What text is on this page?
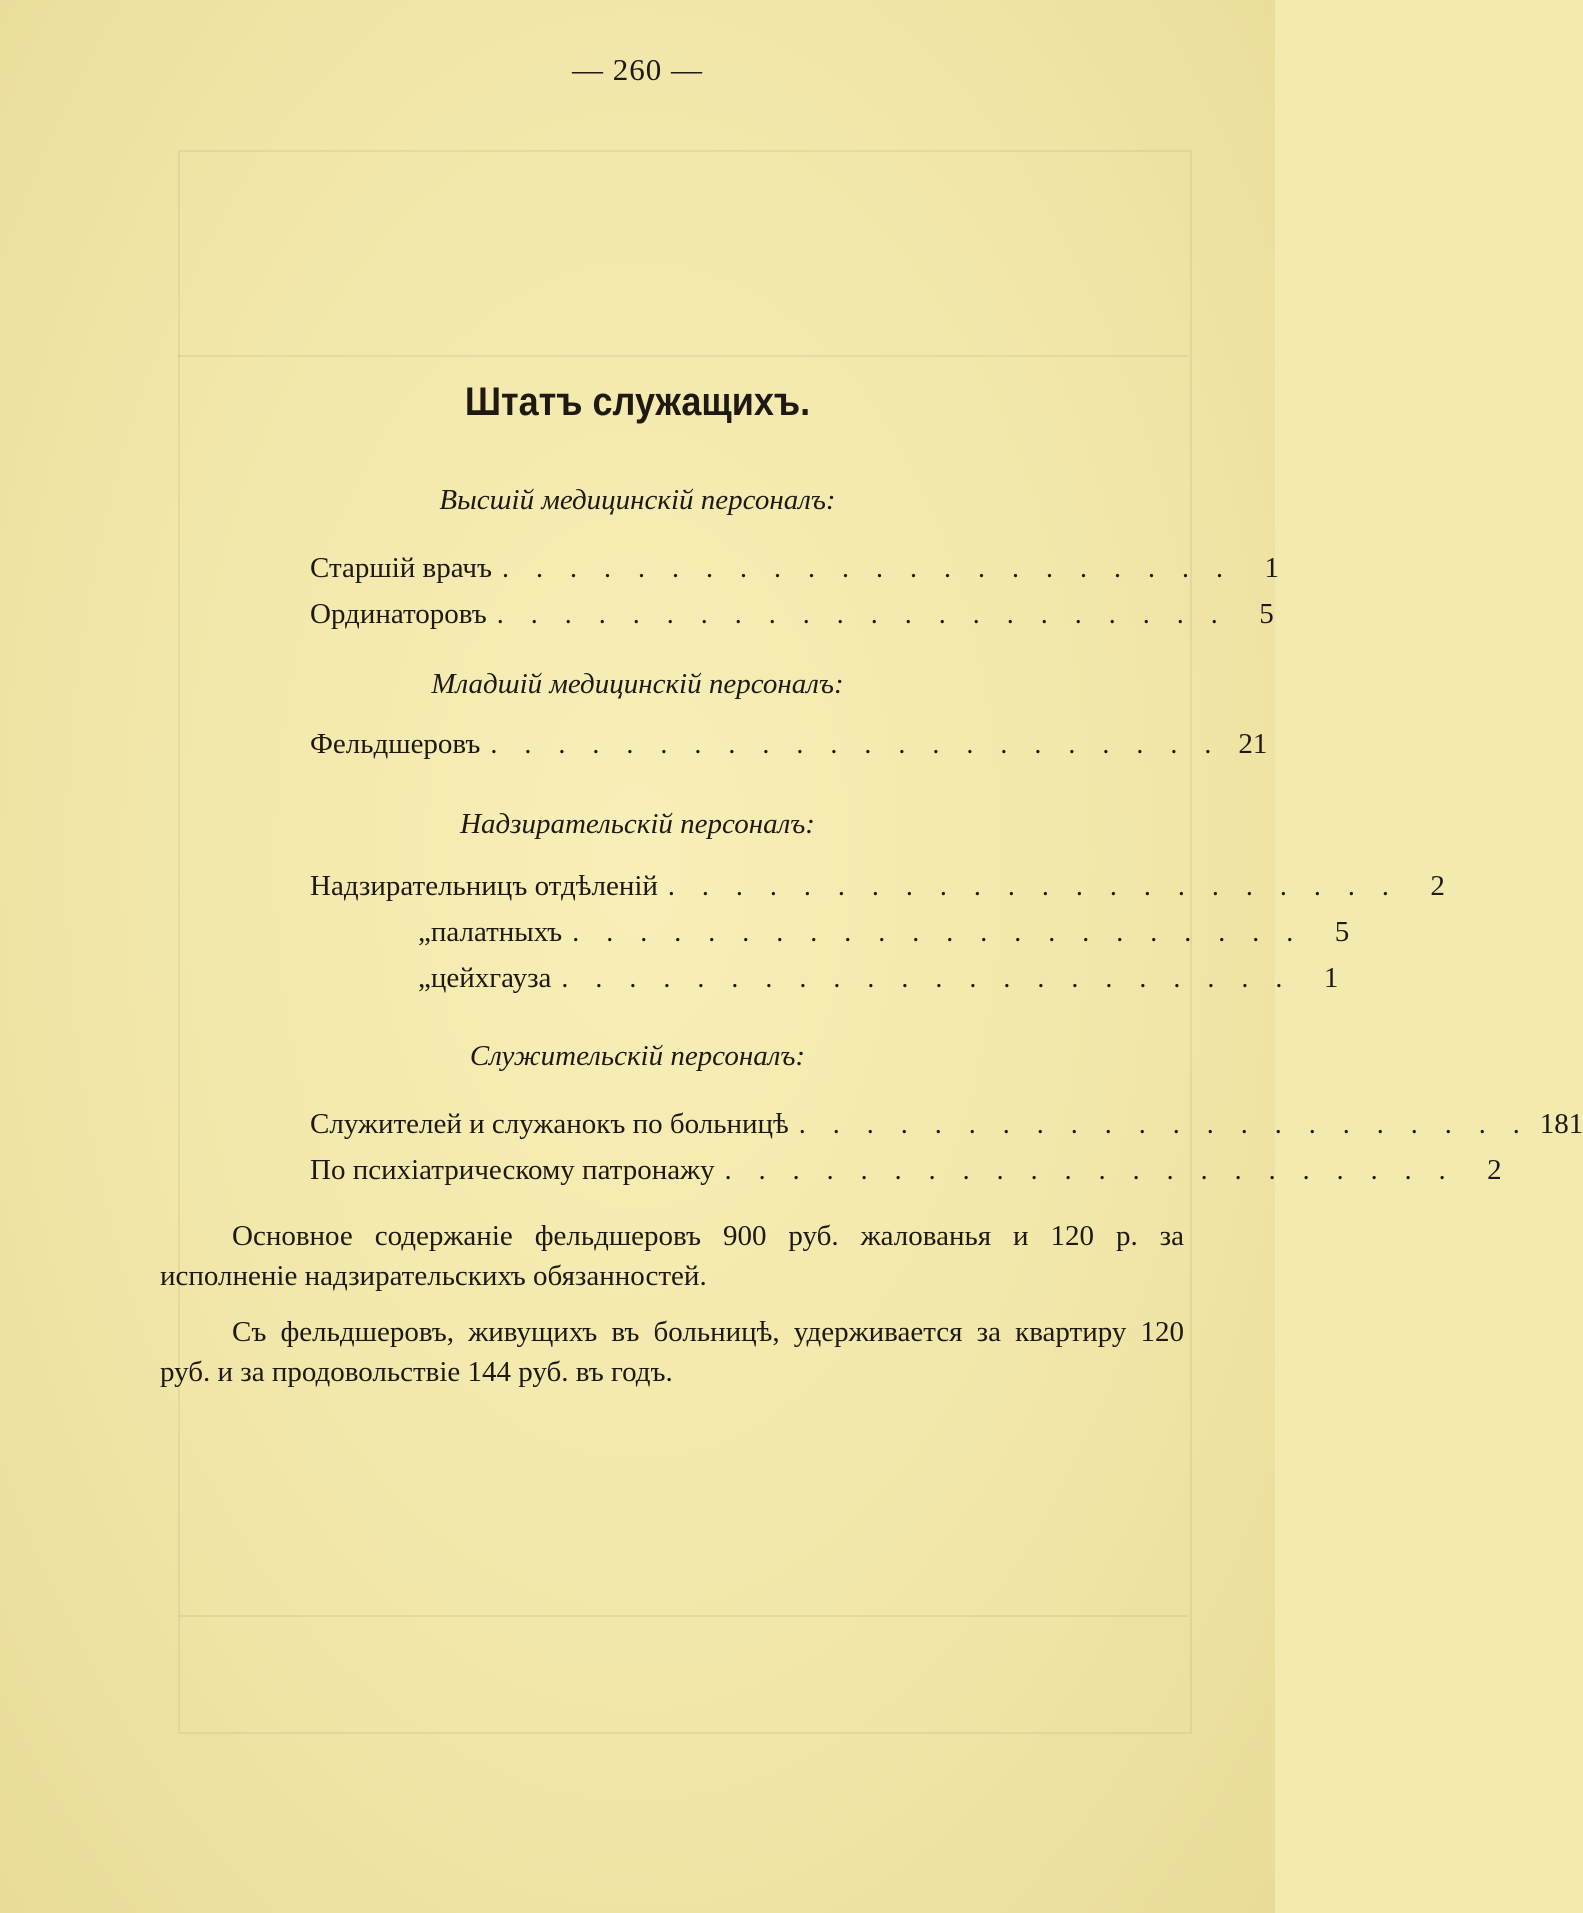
— 260 —
Штатъ служащихъ.
Высшій медицинскій персоналъ:
Старшій врачъ . . . . . . . . . . . . . . . . . . . . . .	1
Ординаторовъ . . . . . . . . . . . . . . . . . . . . . .	5
Младшій медицинскій персоналъ:
Фельдшеровъ . . . . . . . . . . . . . . . . . . . . . . 21
Надзирательскій персоналъ:
Надзирательницъ отдѣленій . . . . . . . . . . . . . . . . . . . . . .	2
„ палатныхъ . . . . . . . . . . . . . . . . . . . . . .	5
„ цейхгауза . . . . . . . . . . . . . . . . . . . . . .	1
Служительскій персоналъ:
Служителей и служанокъ по больницѣ . . . . . . . . . . . . . . . . . . . . . . 181
По психіатрическому патронажу . . . . . . . . . . . . . . . . . . . . . .	2

Основное содержаніе фельдшеровъ 900 руб. жалованья и 120 р. за исполненіе надзирательскихъ обязанностей.

Съ фельдшеровъ, живущихъ въ больницѣ, удерживается за квартиру 120 руб. и за продовольствіе 144 руб. въ годъ.
